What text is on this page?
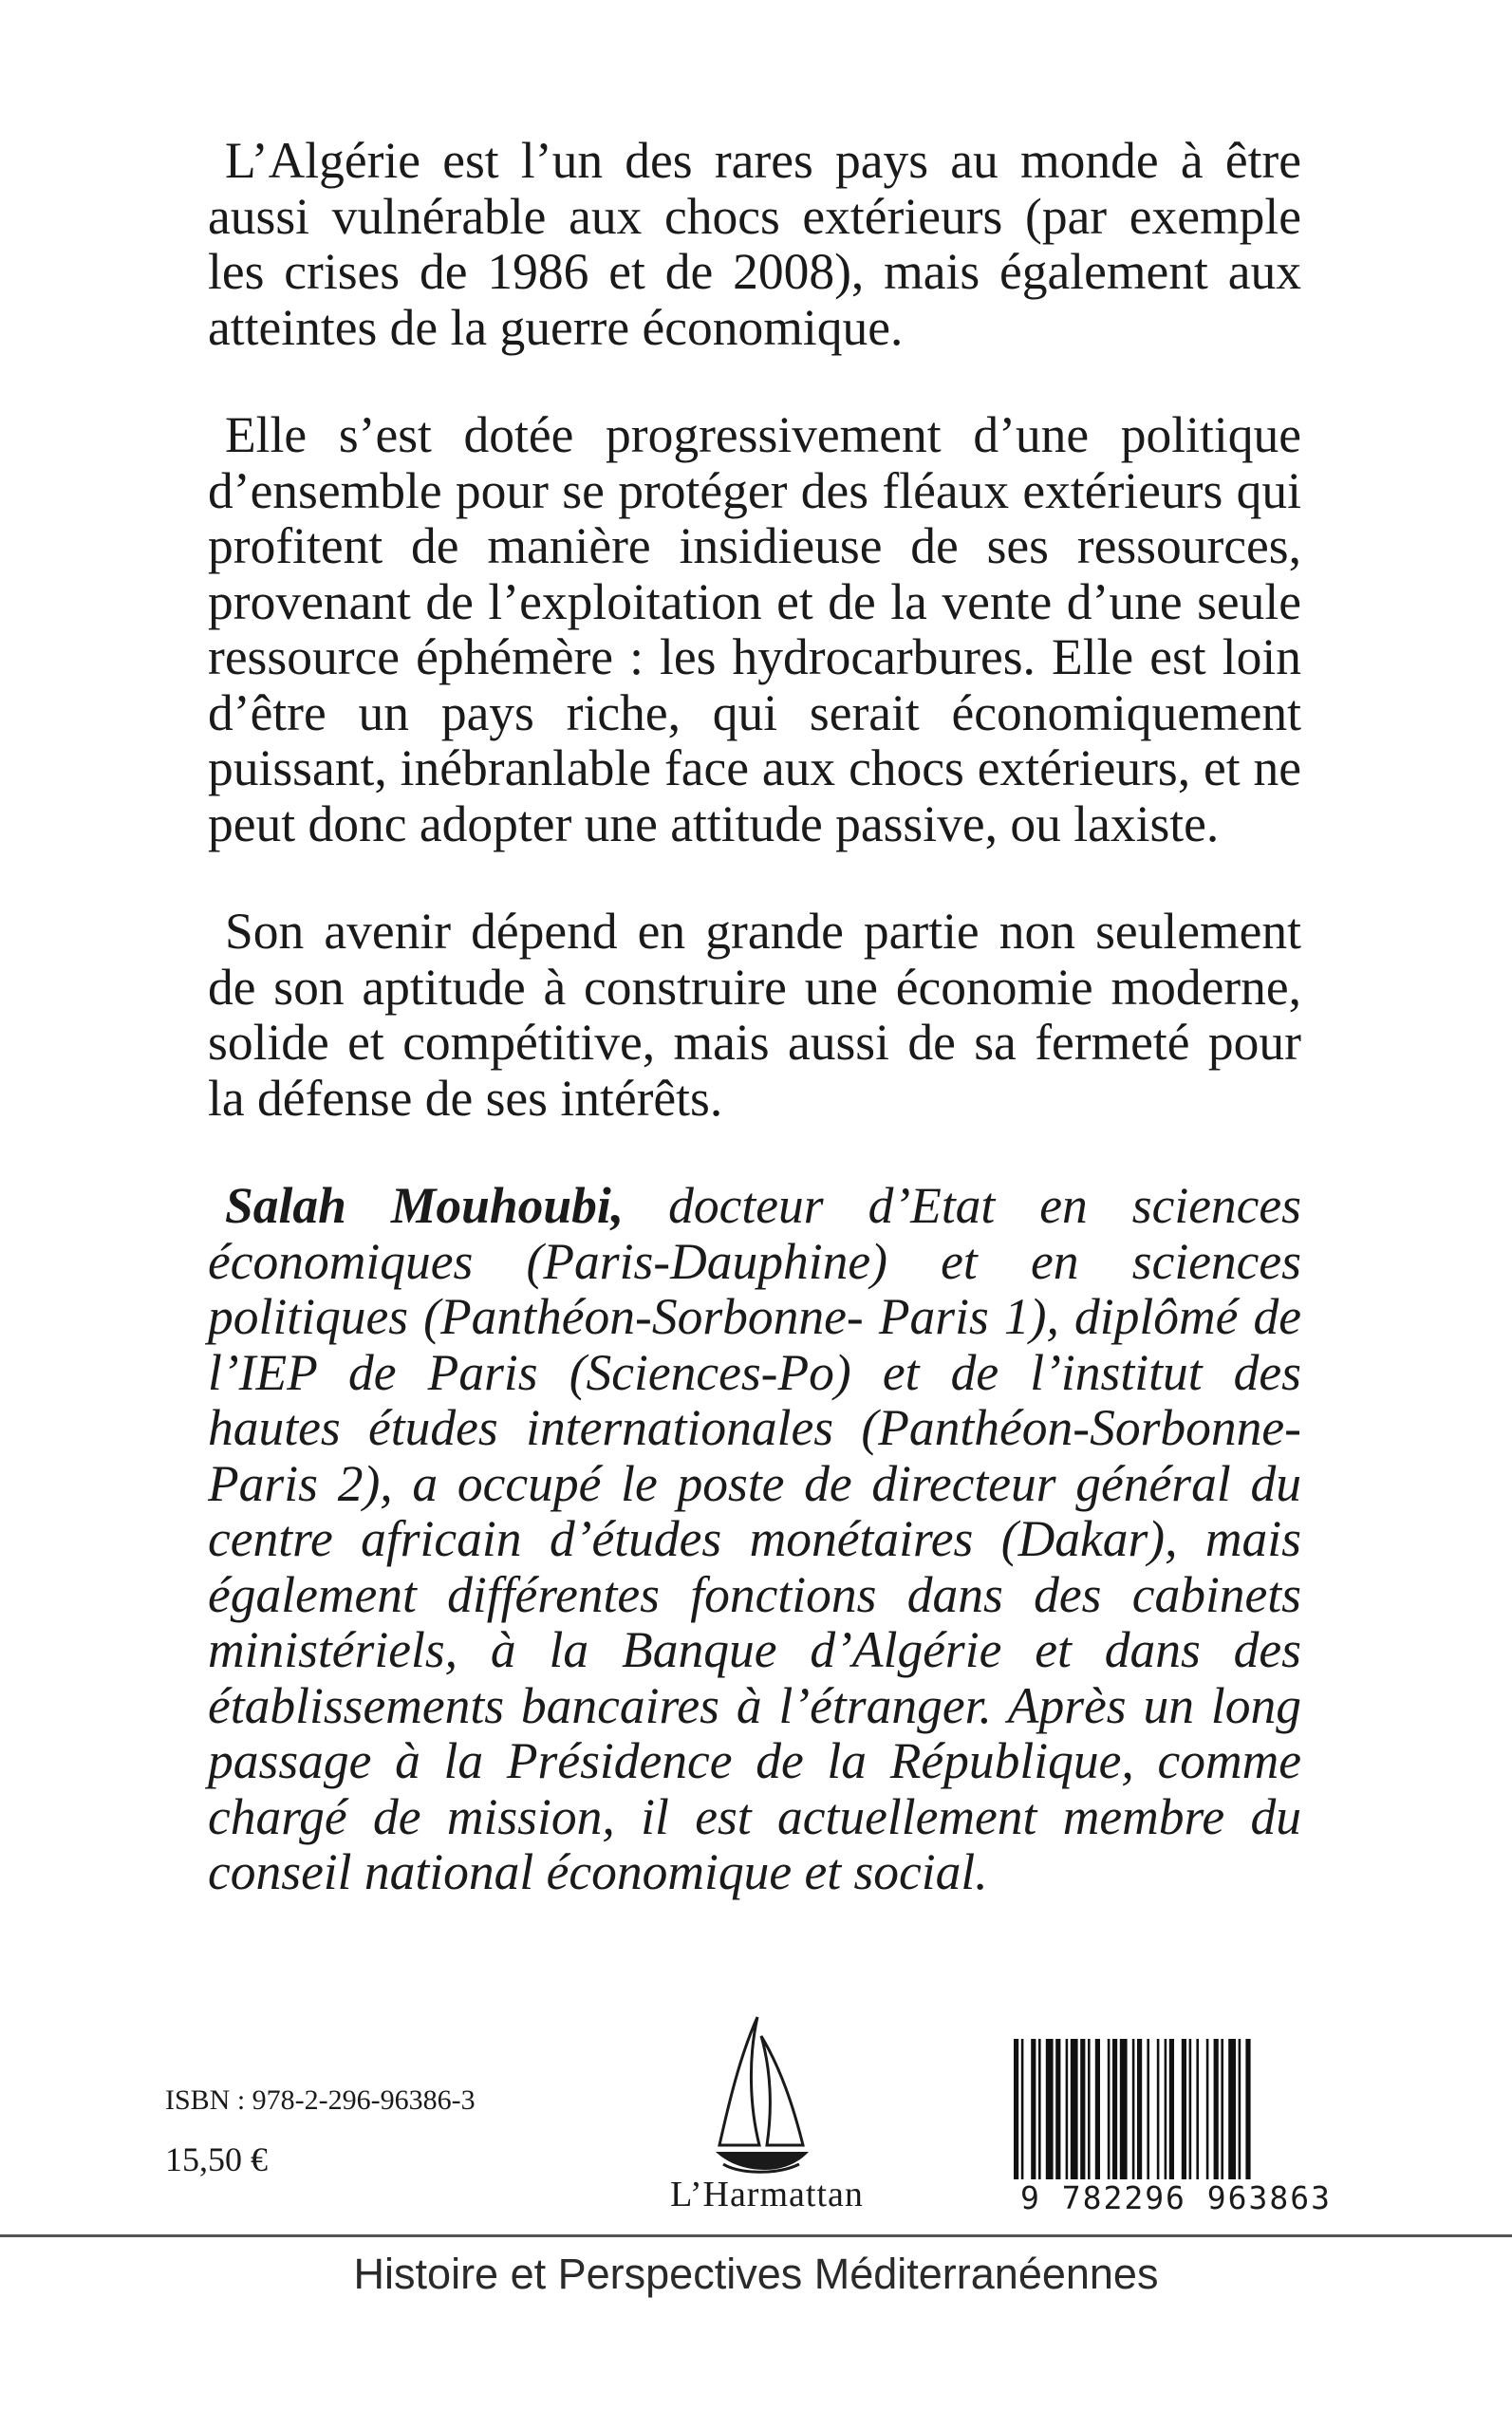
L’Algérie est l’un des rares pays au monde à être aussi vulnérable aux chocs extérieurs (par exemple les crises de 1986 et de 2008), mais également aux atteintes de la guerre économique.

Elle s’est dotée progressivement d’une politique d’ensemble pour se protéger des fléaux extérieurs qui profitent de manière insidieuse de ses ressources, provenant de l’exploitation et de la vente d’une seule ressource éphémère : les hydrocarbures. Elle est loin d’être un pays riche, qui serait économiquement puissant, inébranlable face aux chocs extérieurs, et ne peut donc adopter une attitude passive, ou laxiste.

Son avenir dépend en grande partie non seulement de son aptitude à construire une économie moderne, solide et compétitive, mais aussi de sa fermeté pour la défense de ses intérêts.

Salah Mouhoubi, docteur d’Etat en sciences économiques (Paris-Dauphine) et en sciences politiques (Panthéon-Sorbonne- Paris 1), diplômé de l’IEP de Paris (Sciences-Po) et de l’institut des hautes études internationales (Panthéon-Sorbonne-Paris 2), a occupé le poste de directeur général du centre africain d’études monétaires (Dakar), mais également différentes fonctions dans des cabinets ministériels, à la Banque d’Algérie et dans des établissements bancaires à l’étranger. Après un long passage à la Présidence de la République, comme chargé de mission, il est actuellement membre du conseil national économique et social.

ISBN : 978-2-296-96386-3
15,50 €
L’Harmattan	9 782296 963863
Histoire et Perspectives Méditerranéennes
